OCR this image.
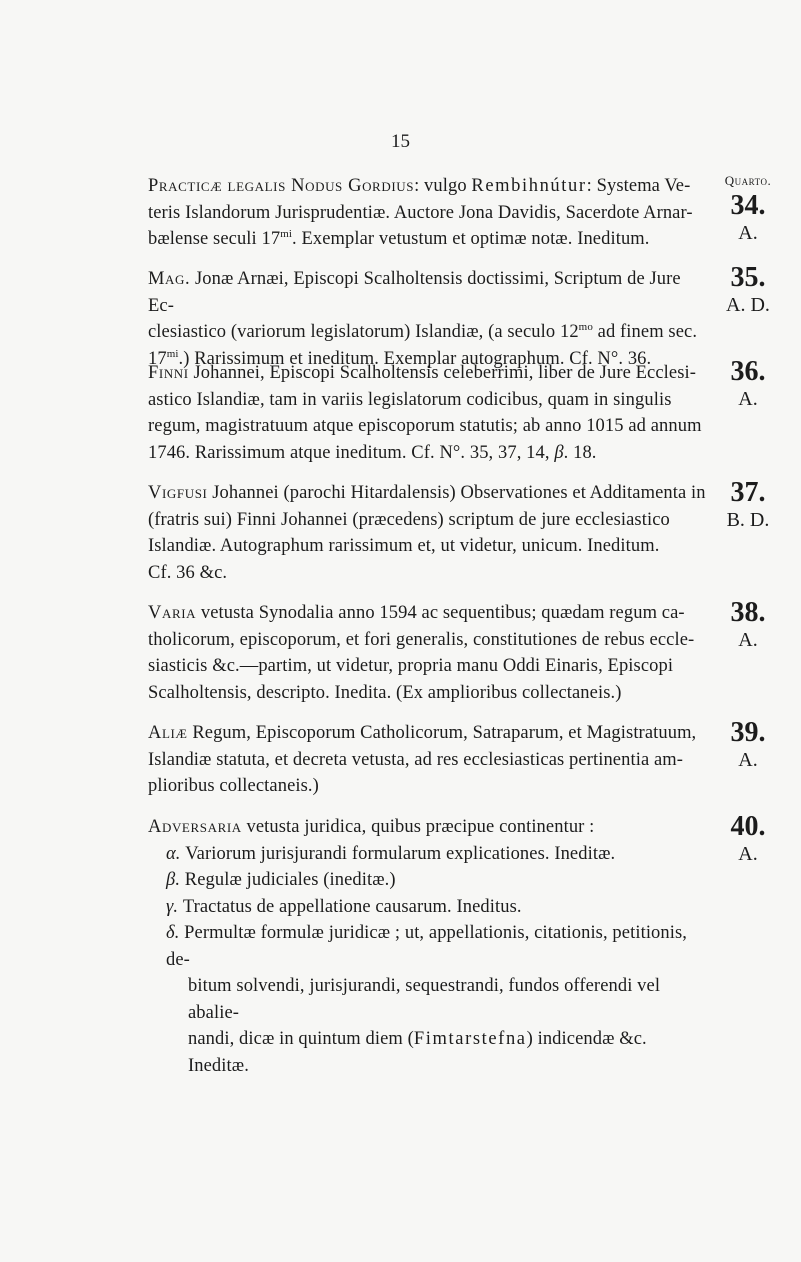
15

Practicæ legalis Nodus Gordius: vulgo Rembihnútur: Systema Ve-

teris Islandorum Jurisprudentiæ. Auctore Jona Davidis, Sacerdote Arnar-

bælense seculi $17^{mi}$. Exemplar vetustum et optimæ notæ. Ineditum.

Quarto.
34.
A.

Mag. Jonæ Arnæi, Episcopi Scalholtensis doctissimi, Scriptum de Jure Ec-

clesiastico (variorum legislatorum) Islandiæ, (a seculo $12^{mo}$ ad finem sec.

$17^{mi}$.) Rarissimum et ineditum. Exemplar autographum. Cf. N°. 36.

35.
A. D.

Finni Johannei, Episcopi Scalholtensis celeberrimi, liber de Jure Ecclesi-

astico Islandiæ, tam in variis legislatorum codicibus, quam in singulis

regum, magistratuum atque episcoporum statutis; ab anno 1015 ad annum

1746. Rarissimum atque ineditum. Cf. N°. 35, 37, 14, β. 18.

36.
A.

Vigfusi Johannei (parochi Hitardalensis) Observationes et Additamenta in

(fratris sui) Finni Johannei (præcedens) scriptum de jure ecclesiastico

Islandiæ. Autographum rarissimum et, ut videtur, unicum. Ineditum.

Cf. 36 &c.

37.
B. D.

Varia vetusta Synodalia anno 1594 ac sequentibus; quædam regum ca-

tholicorum, episcoporum, et fori generalis, constitutiones de rebus eccle-

siasticis &c.—partim, ut videtur, propria manu Oddi Einaris, Episcopi

Scalholtensis, descripto. Inedita. (Ex amplioribus collectaneis.)

38.
A.

Aliæ Regum, Episcoporum Catholicorum, Satraparum, et Magistratuum,

Islandiæ statuta, et decreta vetusta, ad res ecclesiasticas pertinentia am-

plioribus collectaneis.)

39.
A.

Adversaria vetusta juridica, quibus præcipue continentur :

α. Variorum jurisjurandi formularum explicationes. Ineditæ.

β. Regulæ judiciales (ineditæ.)

γ. Tractatus de appellatione causarum. Ineditus.

δ. Permultæ formulæ juridicæ ; ut, appellationis, citationis, petitionis, de-

bitum solvendi, jurisjurandi, sequestrandi, fundos offerendi vel abalie-

nandi, dicæ in quintum diem (Fimtarstefna) indicendæ &c. Ineditæ.

40.
A.
